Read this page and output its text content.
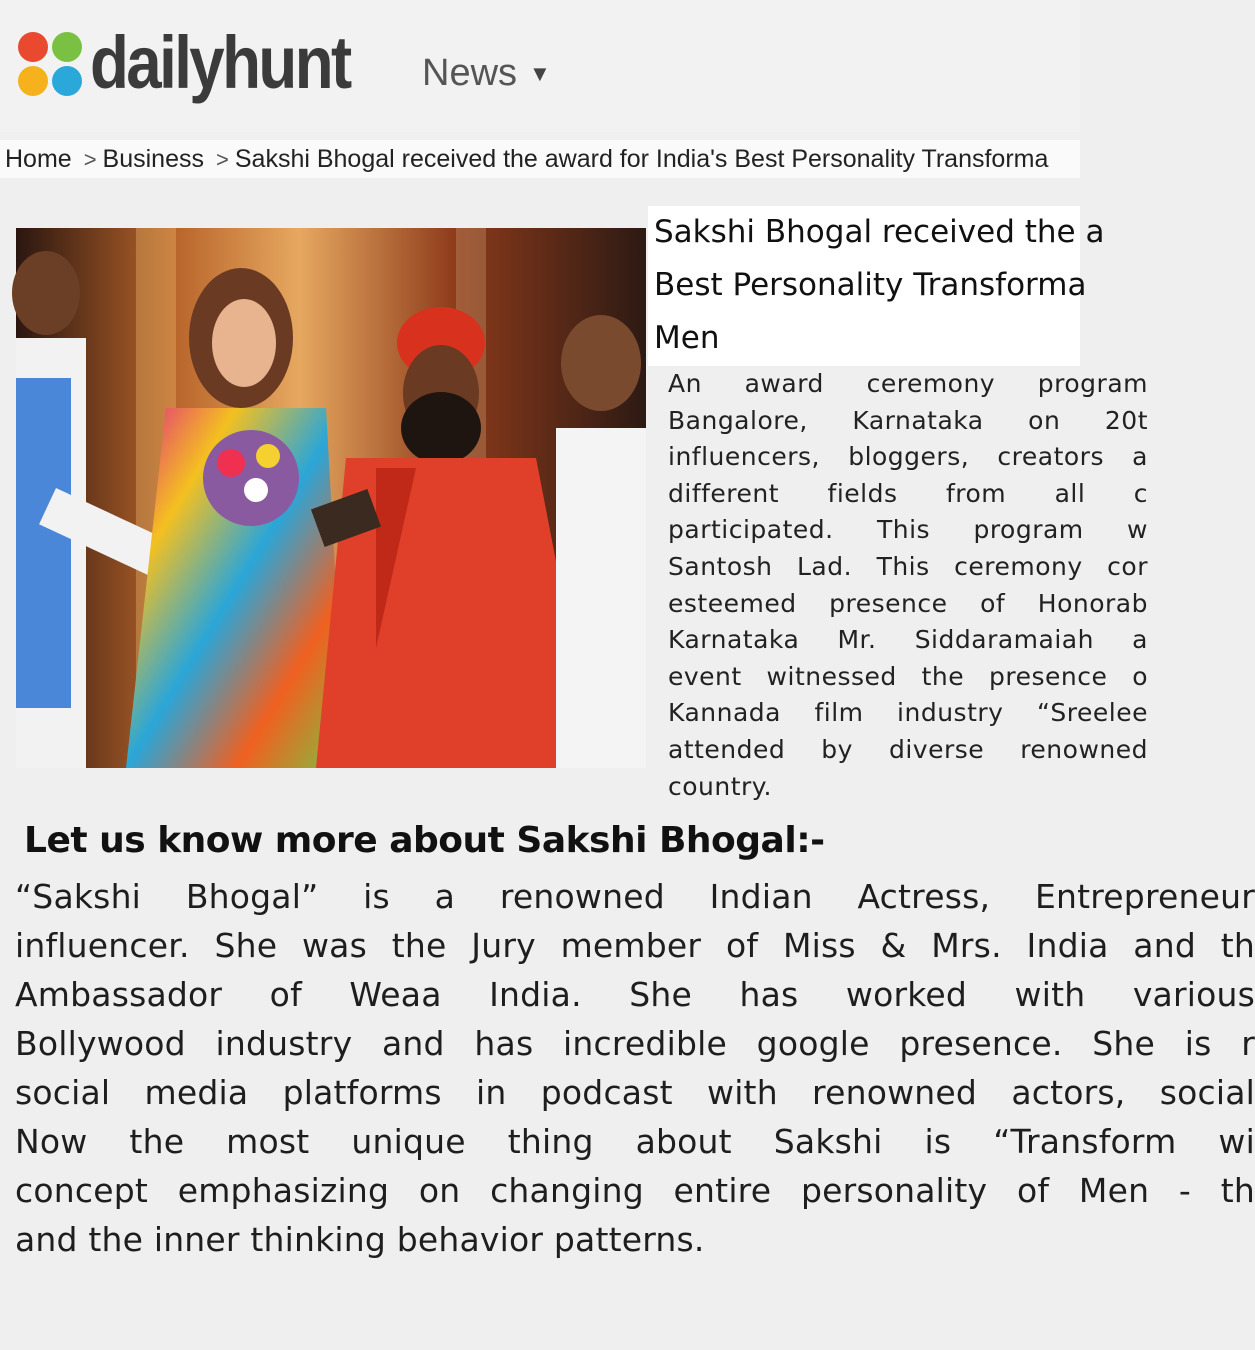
dailyhunt News ▼
Home > Business > Sakshi Bhogal received the award for India's Best Personality Transforma
Sakshi Bhogal received the a
Best Personality Transforma
Men
An award ceremony program
Bangalore, Karnataka on 20t
influencers, bloggers, creators a
different fields from all c
participated. This program w
Santosh Lad. This ceremony cor
esteemed presence of Honorab
Karnataka Mr. Siddaramaiah a
event witnessed the presence o
Kannada film industry “Sreelee
attended by diverse renowned
country.
Let us know more about Sakshi Bhogal:-
“Sakshi Bhogal” is a renowned Indian Actress, Entrepreneur
influencer. She was the Jury member of Miss & Mrs. India and th
Ambassador of Weaa India. She has worked with various
Bollywood industry and has incredible google presence. She is r
social media platforms in podcast with renowned actors, social
Now the most unique thing about Sakshi is “Transform wi
concept emphasizing on changing entire personality of Men - th
and the inner thinking behavior patterns.
